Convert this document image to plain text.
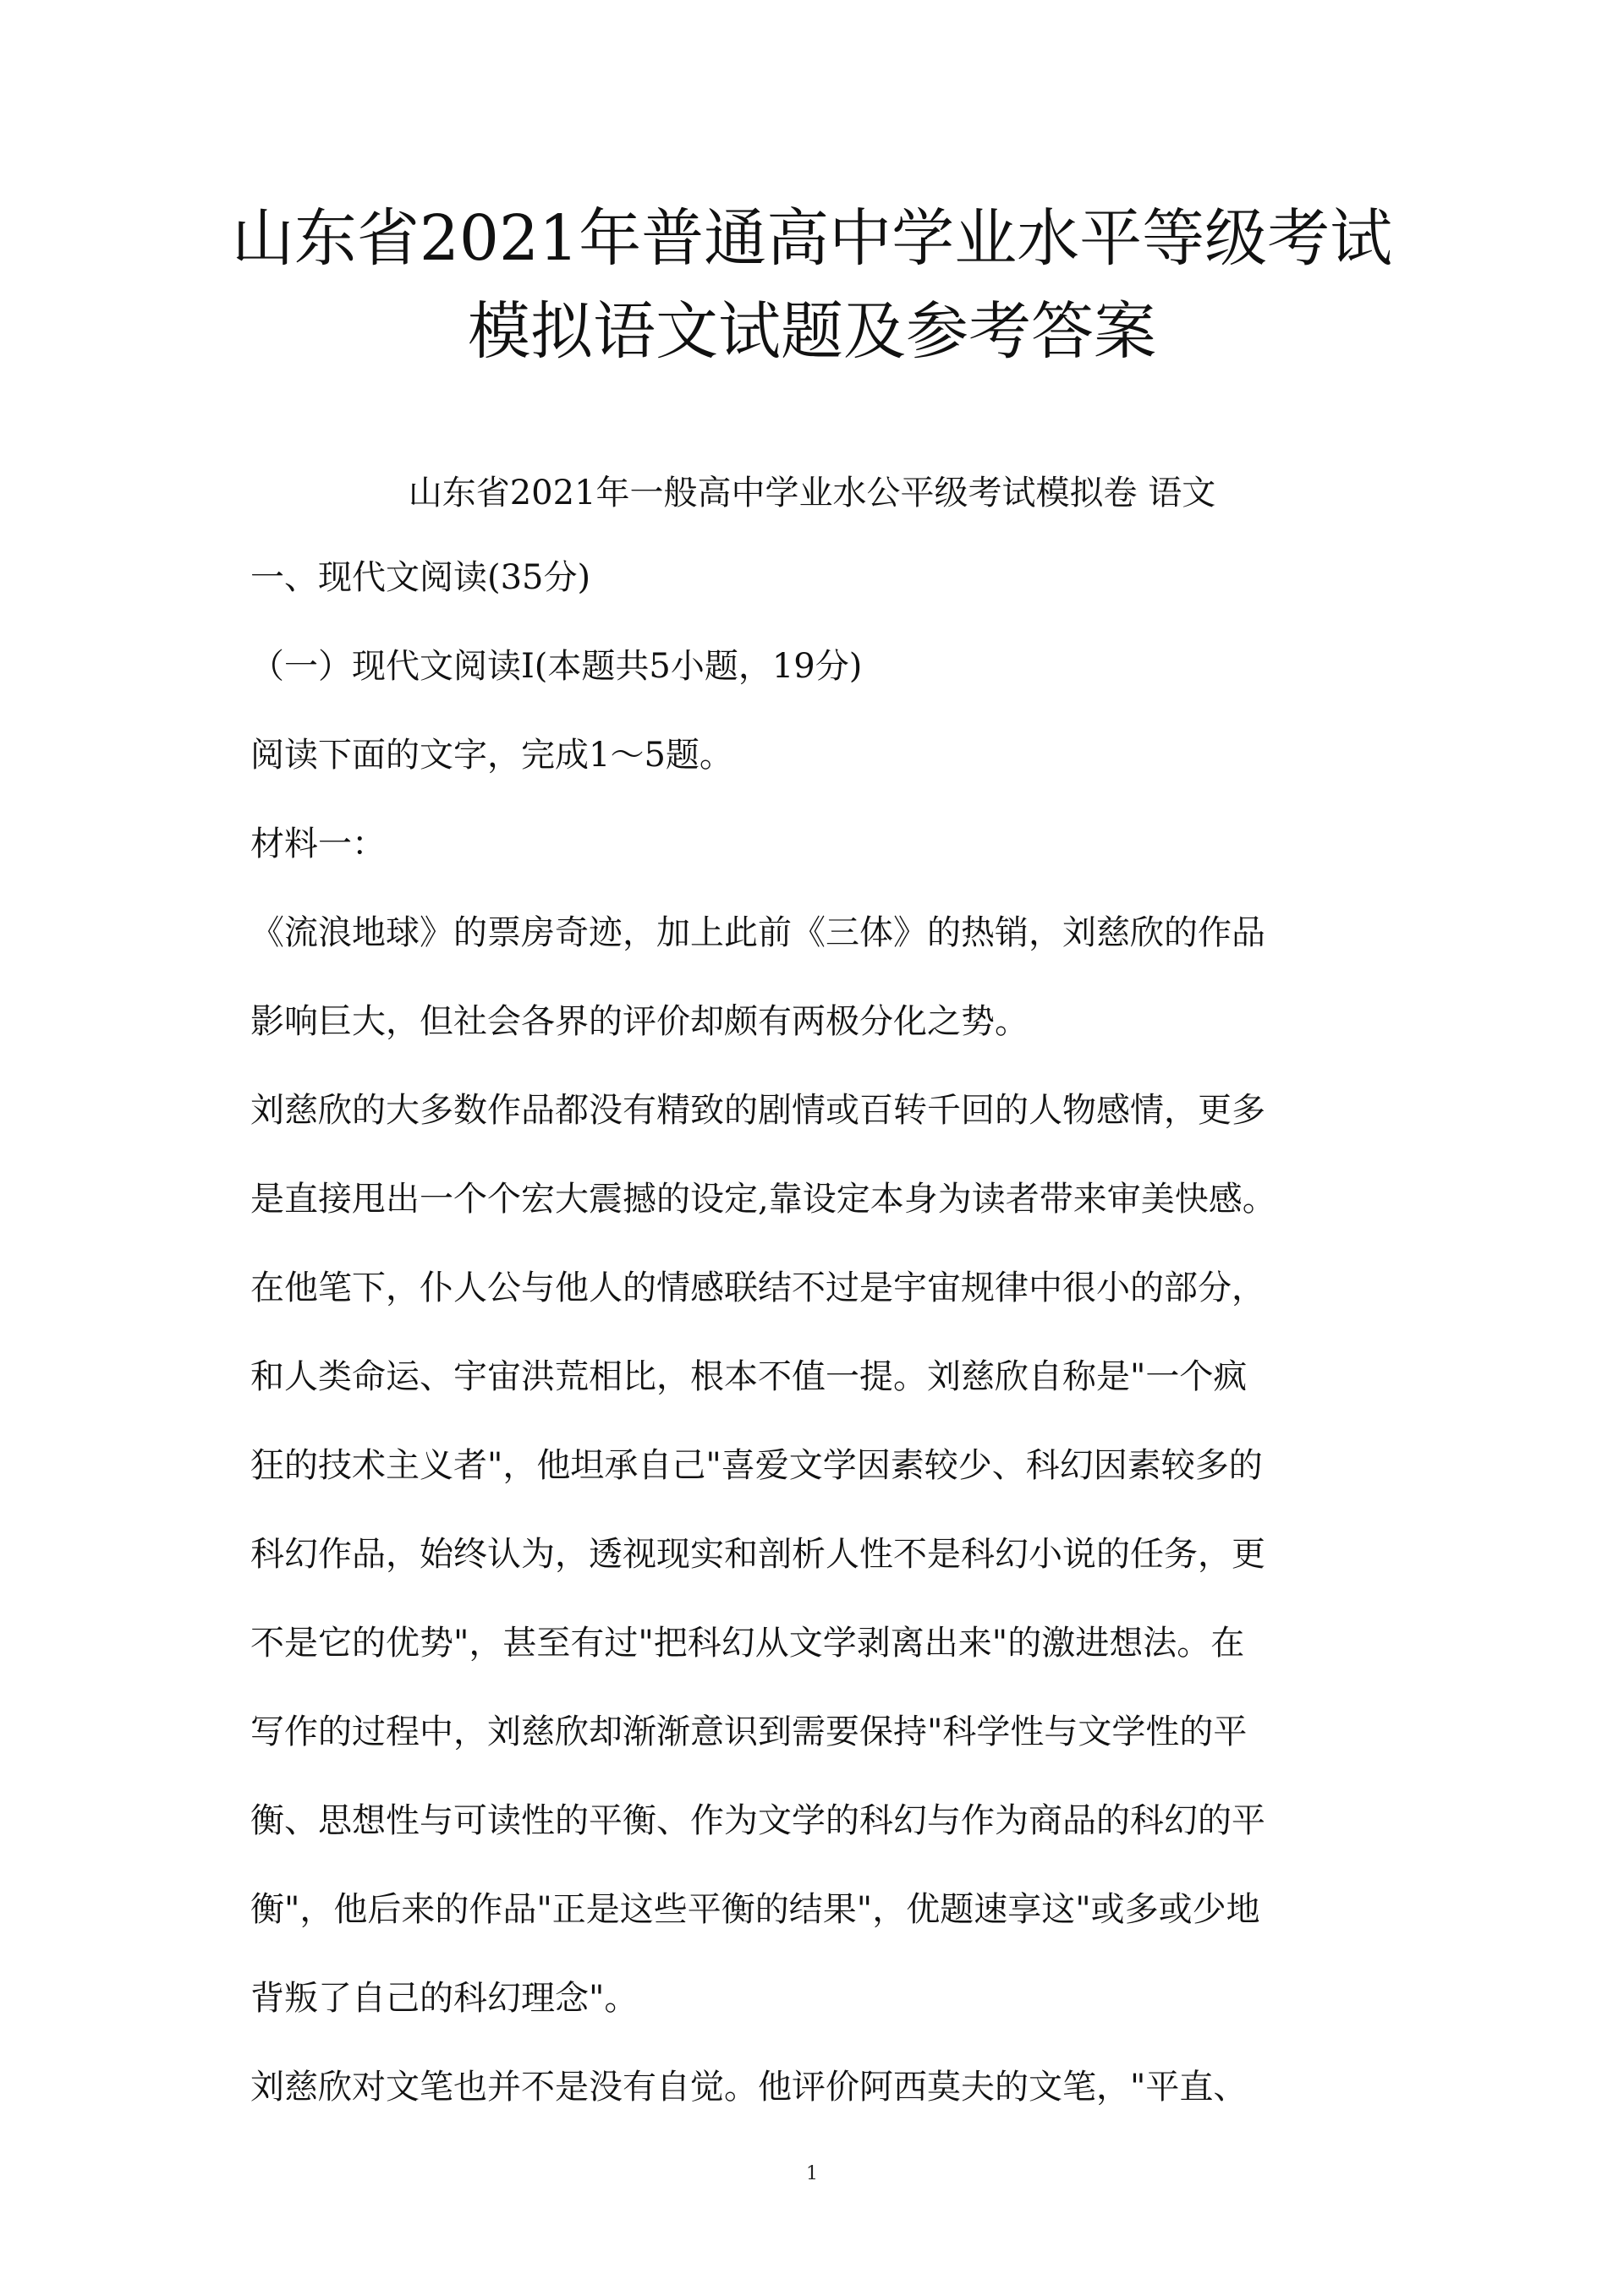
山东省2021年普通高中学业水平等级考试
模拟语文试题及参考答案
山东省2021年一般高中学业水公平级考试模拟卷 语文
一、现代文阅读(35分)
（一）现代文阅读Ⅰ(本题共5小题，19分)
阅读下面的文字，完成1～5题。
材料一：
《流浪地球》的票房奇迹，加上此前《三体》的热销，刘慈欣的作品
影响巨大，但社会各界的评价却颇有两极分化之势。
刘慈欣的大多数作品都没有精致的剧情或百转千回的人物感情，更多
是直接甩出一个个宏大震撼的设定,靠设定本身为读者带来审美快感。
在他笔下，仆人公与他人的情感联结不过是宇宙规律中很小的部分，
和人类命运、宇宙洪荒相比，根本不值一提。刘慈欣自称是"一个疯
狂的技术主义者"，他坦承自己"喜爱文学因素较少、科幻因素较多的
科幻作品，始终认为，透视现实和剖析人性不是科幻小说的任务，更
不是它的优势"，甚至有过"把科幻从文学剥离出来"的激进想法。在
写作的过程中，刘慈欣却渐渐意识到需要保持"科学性与文学性的平
衡、思想性与可读性的平衡、作为文学的科幻与作为商品的科幻的平
衡"，他后来的作品"正是这些平衡的结果"，优题速享这"或多或少地
背叛了自己的科幻理念"。
刘慈欣对文笔也并不是没有自觉。他评价阿西莫夫的文笔，"平直、
1
